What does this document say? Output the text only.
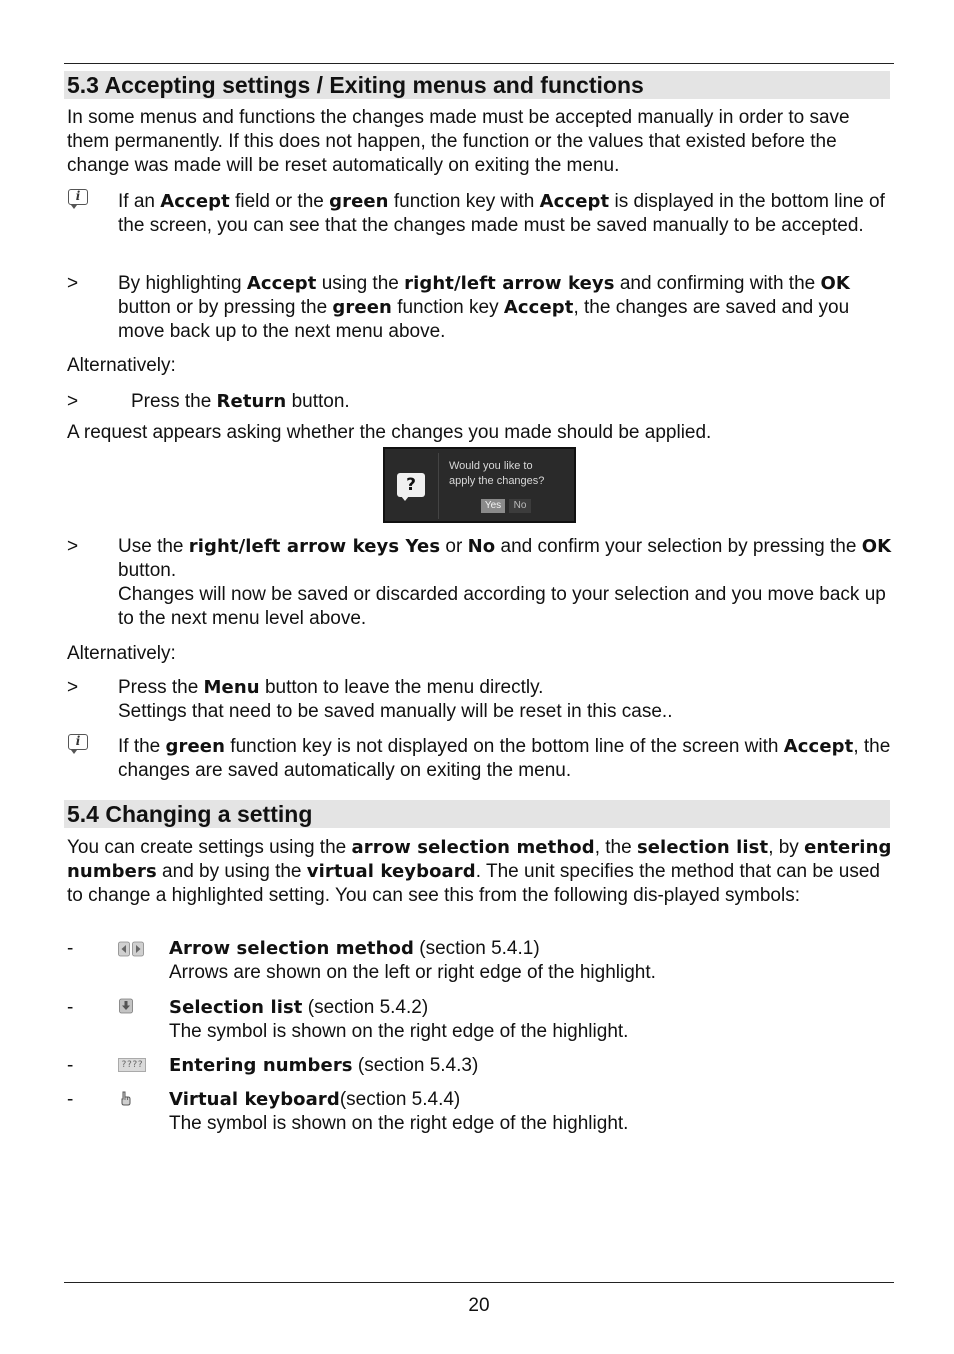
5.3 Accepting settings / Exiting menus and functions
In some menus and functions the changes made must be accepted manually in order to save them permanently. If this does not happen, the function or the values that existed before the change was made will be reset automatically on exiting the menu.
i	If an Accept field or the green function key with Accept is displayed in the bottom line of the screen, you can see that the changes made must be saved manually to be accepted.
> By highlighting Accept using the right/left arrow keys and confirming with the OK button or by pressing the green function key Accept, the changes are saved and you move back up to the next menu above.
Alternatively:
>	Press the Return button.
A request appears asking whether the changes you made should be applied.
?
Would you like to
apply the changes?
Yes	No
> Use the right/left arrow keys Yes or No and confirm your selection by pressing the OK button.
Changes will now be saved or discarded according to your selection and you move back up to the next menu level above.
Alternatively:
> Press the Menu button to leave the menu directly.
Settings that need to be saved manually will be reset in this case..
i	If the green function key is not displayed on the bottom line of the screen with Accept, the changes are saved automatically on exiting the menu.
5.4 Changing a setting
You can create settings using the arrow selection method, the selection list, by entering numbers and by using the virtual keyboard. The unit specifies the method that can be used to change a highlighted setting. You can see this from the following dis-played symbols:
-	Arrow selection method (section 5.4.1)
Arrows are shown on the left or right edge of the highlight.
-	Selection list (section 5.4.2)
The symbol is shown on the right edge of the highlight.
-	???? Entering numbers (section 5.4.3)
-	Virtual keyboard(section 5.4.4)
The symbol is shown on the right edge of the highlight.
20
